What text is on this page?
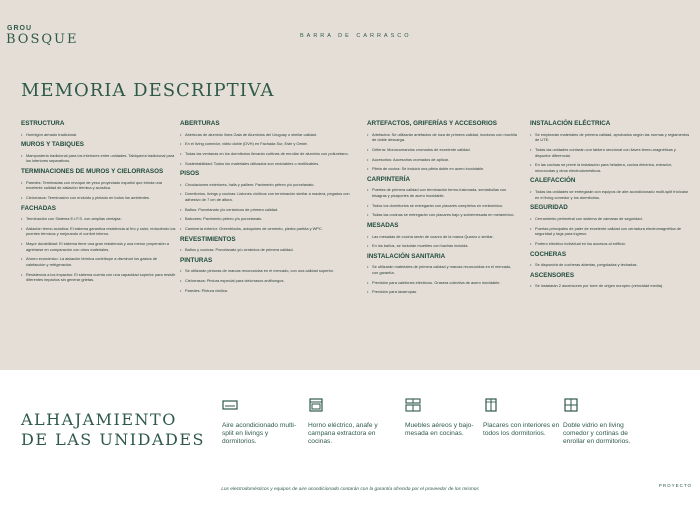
GROU
BOSQUE	BARRA DE CARRASCO
MEMORIA DESCRIPTIVA
ESTRUCTURA
• Hormigón armado tradicional.
MUROS Y TABIQUES
• Mampostería tradicional para los interiores entre unidades. Tabiquería tradicional para los interiores separativos.
TERMINACIONES DE MUROS Y CIELORRASOS
• Paredes: Terminadas con revoque de yeso proyectado español que brinda una excelente calidad de aislación térmica y acústica.
• Cielorrasos: Terminación con enduido y pintado en todos los ambientes.
FACHADAS
• Terminación con Sistema E.I.F.S. con amplias ventajas:
• Aislación termo acústica: El sistema garantiza resistencia al frío y calor, reduciendo los puentes térmicos y mejorando el confort interno.
• Mayor durabilidad: El sistema tiene una gran resistencia y una menor propensión a agrietarse en comparación con otros materiales.
• Ahorro económico: La aislación térmica contribuye a disminuir los gastos de calefacción y refrigeración.
• Resistencia a los impactos: El sistema cuenta con una capacidad superior para resistir diferentes impactos sin generar grietas.
ABERTURAS
• Aberturas de aluminio línea Gala de Aluminios del Uruguay o similar calidad.
• En el living comedor, vidrio doble (DVH) en Fachada Sur, Este y Oeste.
• Todas las ventanas en los dormitorios llevarán cortinas de enrollar de aluminio con poliuretano.
• Sustentabilidad: Todos los materiales utilizados son reciclables o reutilizables.
PISOS
• Circulaciones exteriores, halls y palliers: Pavimento pétreo y/o porcelanato.
• Dormitorios, livings y cocinas: Listones vinílicos con terminación similar a madera, pegados con adhesivo de 7 cm de altura.
• Baños: Porcelanato y/o cerámicos de primera calidad.
• Balcones: Pavimento pétreo y/o porcelanato.
• Caminería exterior: Greenblocks, adoquines de cemento, piedra partida y WPC.
REVESTIMIENTOS
• Baños y cocinas: Porcelanato y/o cerámica de primera calidad.
PINTURAS
• Se utilizarán pinturas de marcas reconocidas en el mercado, con una calidad superior.
• Cielorrasos: Pintura especial para cielorrasos antihongos.
• Paredes: Pintura vinílica.
ARTEFACTOS, GRIFERÍAS Y ACCESORIOS
• Artefactos: Se utilizarán artefactos de loza de primera calidad, inodoros con mochila de doble descarga.
• Grifería: Monocomandos cromados de excelente calidad.
• Accesorios: Accesorios cromados de aplicar.
• Pileta de cocina: Se incluirá una pileta doble en acero inoxidable.
CARPINTERÍA
• Puertas de primera calidad con terminación termo-fusionada, semiabollas con bisagras y picaportes de acero inoxidable.
• Todos los dormitorios se entregarán con placares completos en melamínico.
• Todas las cocinas se entregarán con placares bajo y sobremesada en melamínico.
MESADAS
• Las mesadas de cocina serán de cuarzo de la marca Quarzo o similar.
• En los baños, se incluirán muebles con bachas incluida.
INSTALACIÓN SANITARIA
• Se utilizarán materiales de primera calidad y marcas reconocidas en el mercado, con garantía.
• Previsión para calefones eléctricos. Grasera colectiva de acero inoxidable.
• Previsión para lavarropas.
INSTALACIÓN ELÉCTRICA
• Se emplearán materiales de primera calidad, aprobados según las normas y reglamentos de UTE.
• Todas las unidades contarán con tablero seccional con llaves termo-magnéticas y disyuntor diferencial.
• En las cocinas se prevé la instalación para heladera, cocina eléctrica, extractor, microondas y otros electrodomésticos.
CALEFACCIÓN
• Todas las unidades se entregarán con equipos de aire acondicionado multi-split frío/calor en el living comedor y los dormitorios.
SEGURIDAD
• Cerramiento perimetral con sistema de cámaras de seguridad.
• Puertas principales de paler de excelente calidad con cerradura electromagnética de seguridad y tags para ingreso.
• Portero eléctrico individual en los accesos al edificio.
COCHERAS
• Se dispondrá de cocheras abiertas, pergoladas y techadas.
ASCENSORES
• Se instalarán 2 ascensores por torre de origen europeo (velocidad media).
ALHAJAMIENTO
DE LAS UNIDADES
Aire acondicionado multi-split en livings y dormitorios.
Horno eléctrico, anafe y campana extractora en cocinas.
Muebles aéreos y bajo-mesada en cocinas.
Placares con interiores en todos los dormitorios.
Doble vidrio en living comedor y cortinas de enrollar en dormitorios.
Los electrodomésticos y equipos de aire acondicionado contarán con la garantía ofrecida por el proveedor de los mismos
PROYECTO
